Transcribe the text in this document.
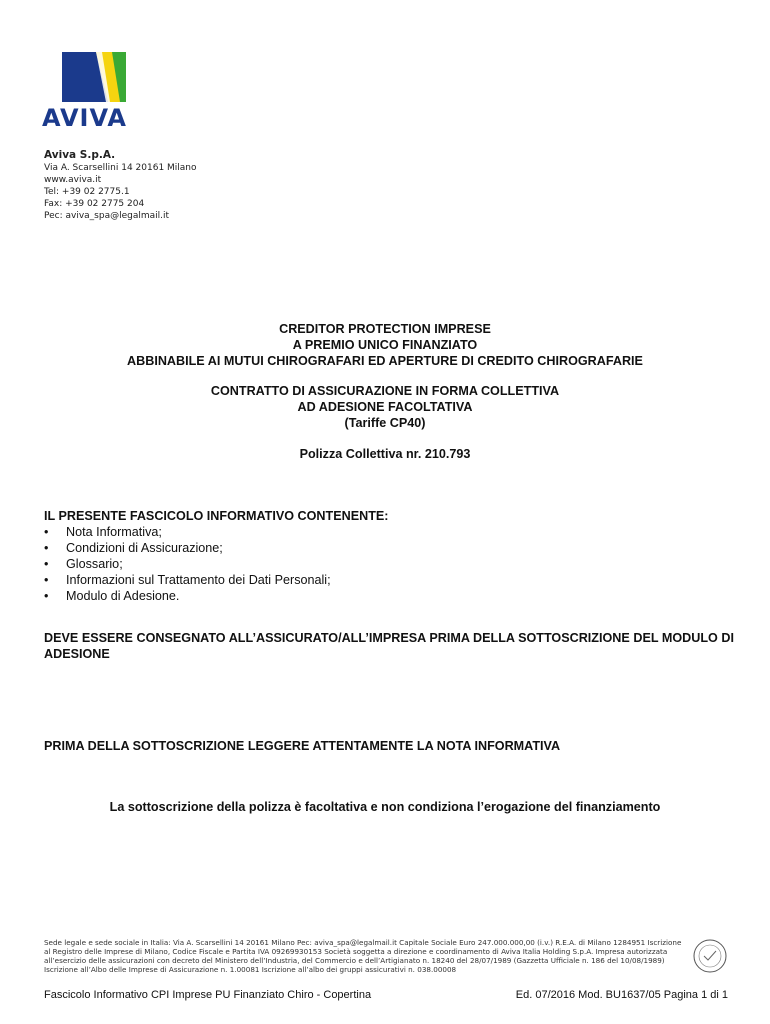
AVIVA
Aviva S.p.A.
Via A. Scarsellini 14 20161 Milano
www.aviva.it
Tel: +39 02 2775.1
Fax: +39 02 2775 204
Pec: aviva_spa@legalmail.it
CREDITOR PROTECTION IMPRESE
A PREMIO UNICO FINANZIATO
ABBINABILE AI MUTUI CHIROGRAFARI ED APERTURE DI CREDITO CHIROGRAFARIE
CONTRATTO DI ASSICURAZIONE IN FORMA COLLETTIVA
AD ADESIONE FACOLTATIVA
(Tariffe CP40)
Polizza Collettiva nr. 210.793
IL PRESENTE FASCICOLO INFORMATIVO CONTENENTE:
• Nota Informativa;
• Condizioni di Assicurazione;
• Glossario;
• Informazioni sul Trattamento dei Dati Personali;
• Modulo di Adesione.
DEVE ESSERE CONSEGNATO ALL’ASSICURATO/ALL’IMPRESA PRIMA DELLA SOTTOSCRIZIONE DEL MODULO DI ADESIONE
PRIMA DELLA SOTTOSCRIZIONE LEGGERE ATTENTAMENTE LA NOTA INFORMATIVA
La sottoscrizione della polizza è facoltativa e non condiziona l’erogazione del finanziamento
Sede legale e sede sociale in Italia: Via A. Scarsellini 14 20161 Milano Pec: aviva_spa@legalmail.it Capitale Sociale Euro 247.000.000,00 (i.v.) R.E.A. di Milano 1284951 Iscrizione al Registro delle Imprese di Milano, Codice Fiscale e Partita IVA 09269930153 Società soggetta a direzione e coordinamento di Aviva Italia Holding S.p.A. Impresa autorizzata all’esercizio delle assicurazioni con decreto del Ministero dell’Industria, del Commercio e dell’Artigianato n. 18240 del 28/07/1989 (Gazzetta Ufficiale n. 186 del 10/08/1989) Iscrizione all’Albo delle Imprese di Assicurazione n. 1.00081 Iscrizione all’albo dei gruppi assicurativi n. 038.00008
Fascicolo Informativo CPI Imprese PU Finanziato Chiro - Copertina	Ed. 07/2016 Mod. BU1637/05 Pagina 1 di 1
